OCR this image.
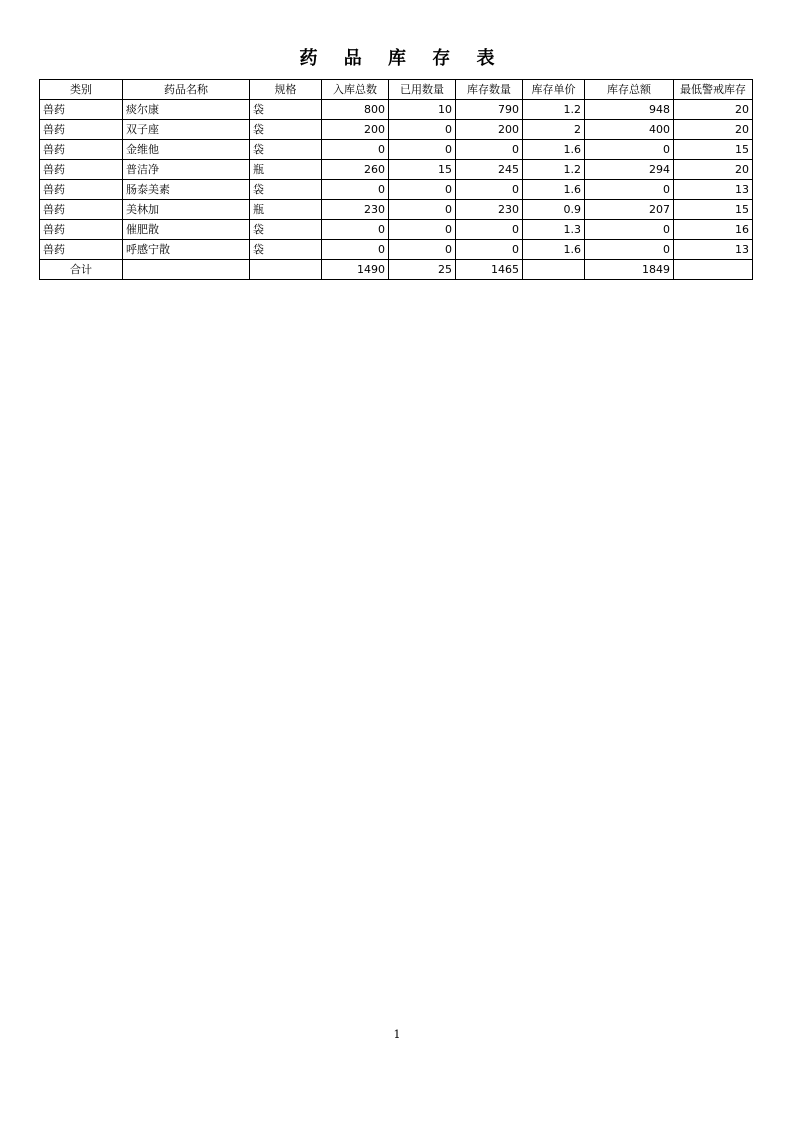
药 品 库 存 表
类别	药品名称	规格	入库总数	已用数量	库存数量	库存单价	库存总额	最低警戒库存
兽药	痰尔康	袋	800	10	790	1.2	948	20
兽药	双子座	袋	200	0	200	2	400	20
兽药	金维他	袋	0	0	0	1.6	0	15
兽药	普洁净	瓶	260	15	245	1.2	294	20
兽药	肠泰美素	袋	0	0	0	1.6	0	13
兽药	美林加	瓶	230	0	230	0.9	207	15
兽药	催肥散	袋	0	0	0	1.3	0	16
兽药	呼感宁散	袋	0	0	0	1.6	0	13
合计			1490	25	1465		1849	
1
